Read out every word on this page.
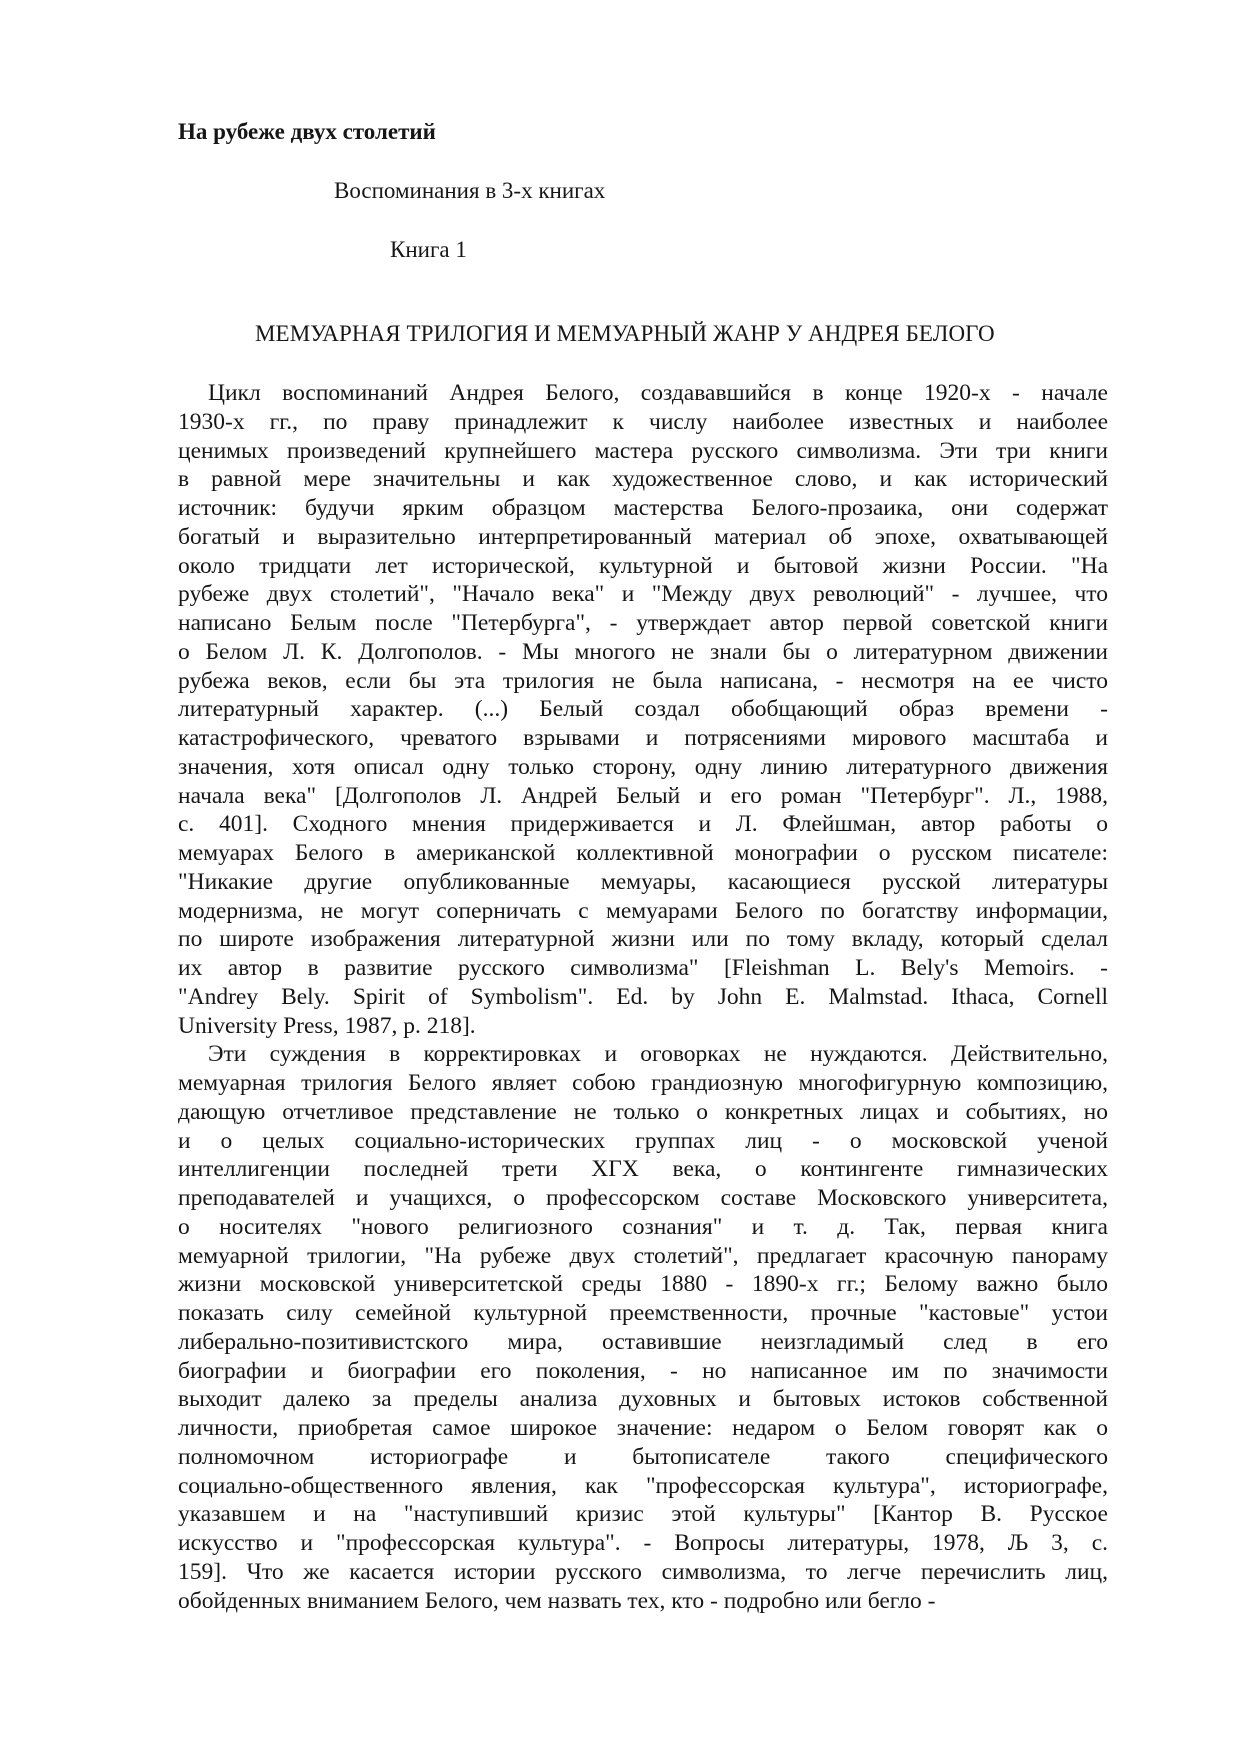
На рубеже двух столетий
Воспоминания в 3-х книгах
Книга 1
МЕМУАРНАЯ ТРИЛОГИЯ И МЕМУАРНЫЙ ЖАНР У АНДРЕЯ БЕЛОГО
Цикл воспоминаний Андрея Белого, создававшийся в конце 1920-х - начале
1930-х гг., по праву принадлежит к числу наиболее известных и наиболее
ценимых произведений крупнейшего мастера русского символизма. Эти три книги
в равной мере значительны и как художественное слово, и как исторический
источник: будучи ярким образцом мастерства Белого-прозаика, они содержат
богатый и выразительно интерпретированный материал об эпохе, охватывающей
около тридцати лет исторической, культурной и бытовой жизни России. "На
рубеже двух столетий", "Начало века" и "Между двух революций" - лучшее, что
написано Белым после "Петербурга", - утверждает автор первой советской книги
о Белом Л. К. Долгополов. - Мы многого не знали бы о литературном движении
рубежа веков, если бы эта трилогия не была написана, - несмотря на ее чисто
литературный характер. (...) Белый создал обобщающий образ времени -
катастрофического, чреватого взрывами и потрясениями мирового масштаба и
значения, хотя описал одну только сторону, одну линию литературного движения
начала века" [Долгополов Л. Андрей Белый и его роман "Петербург". Л., 1988,
с. 401]. Сходного мнения придерживается и Л. Флейшман, автор работы о
мемуарах Белого в американской коллективной монографии о русском писателе:
"Никакие другие опубликованные мемуары, касающиеся русской литературы
модернизма, не могут соперничать с мемуарами Белого по богатству информации,
по широте изображения литературной жизни или по тому вкладу, который сделал
их автор в развитие русского символизма" [Fleishman L. Bely's Memoirs. -
"Andrey Bely. Spirit of Symbolism". Ed. by John E. Malmstad. Ithaca, Cornell
University Press, 1987, p. 218].
Эти суждения в корректировках и оговорках не нуждаются. Действительно,
мемуарная трилогия Белого являет собою грандиозную многофигурную композицию,
дающую отчетливое представление не только о конкретных лицах и событиях, но
и о целых социально-исторических группах лиц - о московской ученой
интеллигенции последней трети XГХ века, о контингенте гимназических
преподавателей и учащихся, о профессорском составе Московского университета,
о носителях "нового религиозного сознания" и т. д. Так, первая книга
мемуарной трилогии, "На рубеже двух столетий", предлагает красочную панораму
жизни московской университетской среды 1880 - 1890-х гг.; Белому важно было
показать силу семейной культурной преемственности, прочные "кастовые" устои
либерально-позитивистского мира, оставившие неизгладимый след в его
биографии и биографии его поколения, - но написанное им по значимости
выходит далеко за пределы анализа духовных и бытовых истоков собственной
личности, приобретая самое широкое значение: недаром о Белом говорят как о
полномочном историографе и бытописателе такого специфического
социально-общественного явления, как "профессорская культура", историографе,
указавшем и на "наступивший кризис этой культуры" [Кантор В. Русское
искусство и "профессорская культура". - Вопросы литературы, 1978, Љ 3, с.
159]. Что же касается истории русского символизма, то легче перечислить лиц,
обойденных вниманием Белого, чем назвать тех, кто - подробно или бегло -
